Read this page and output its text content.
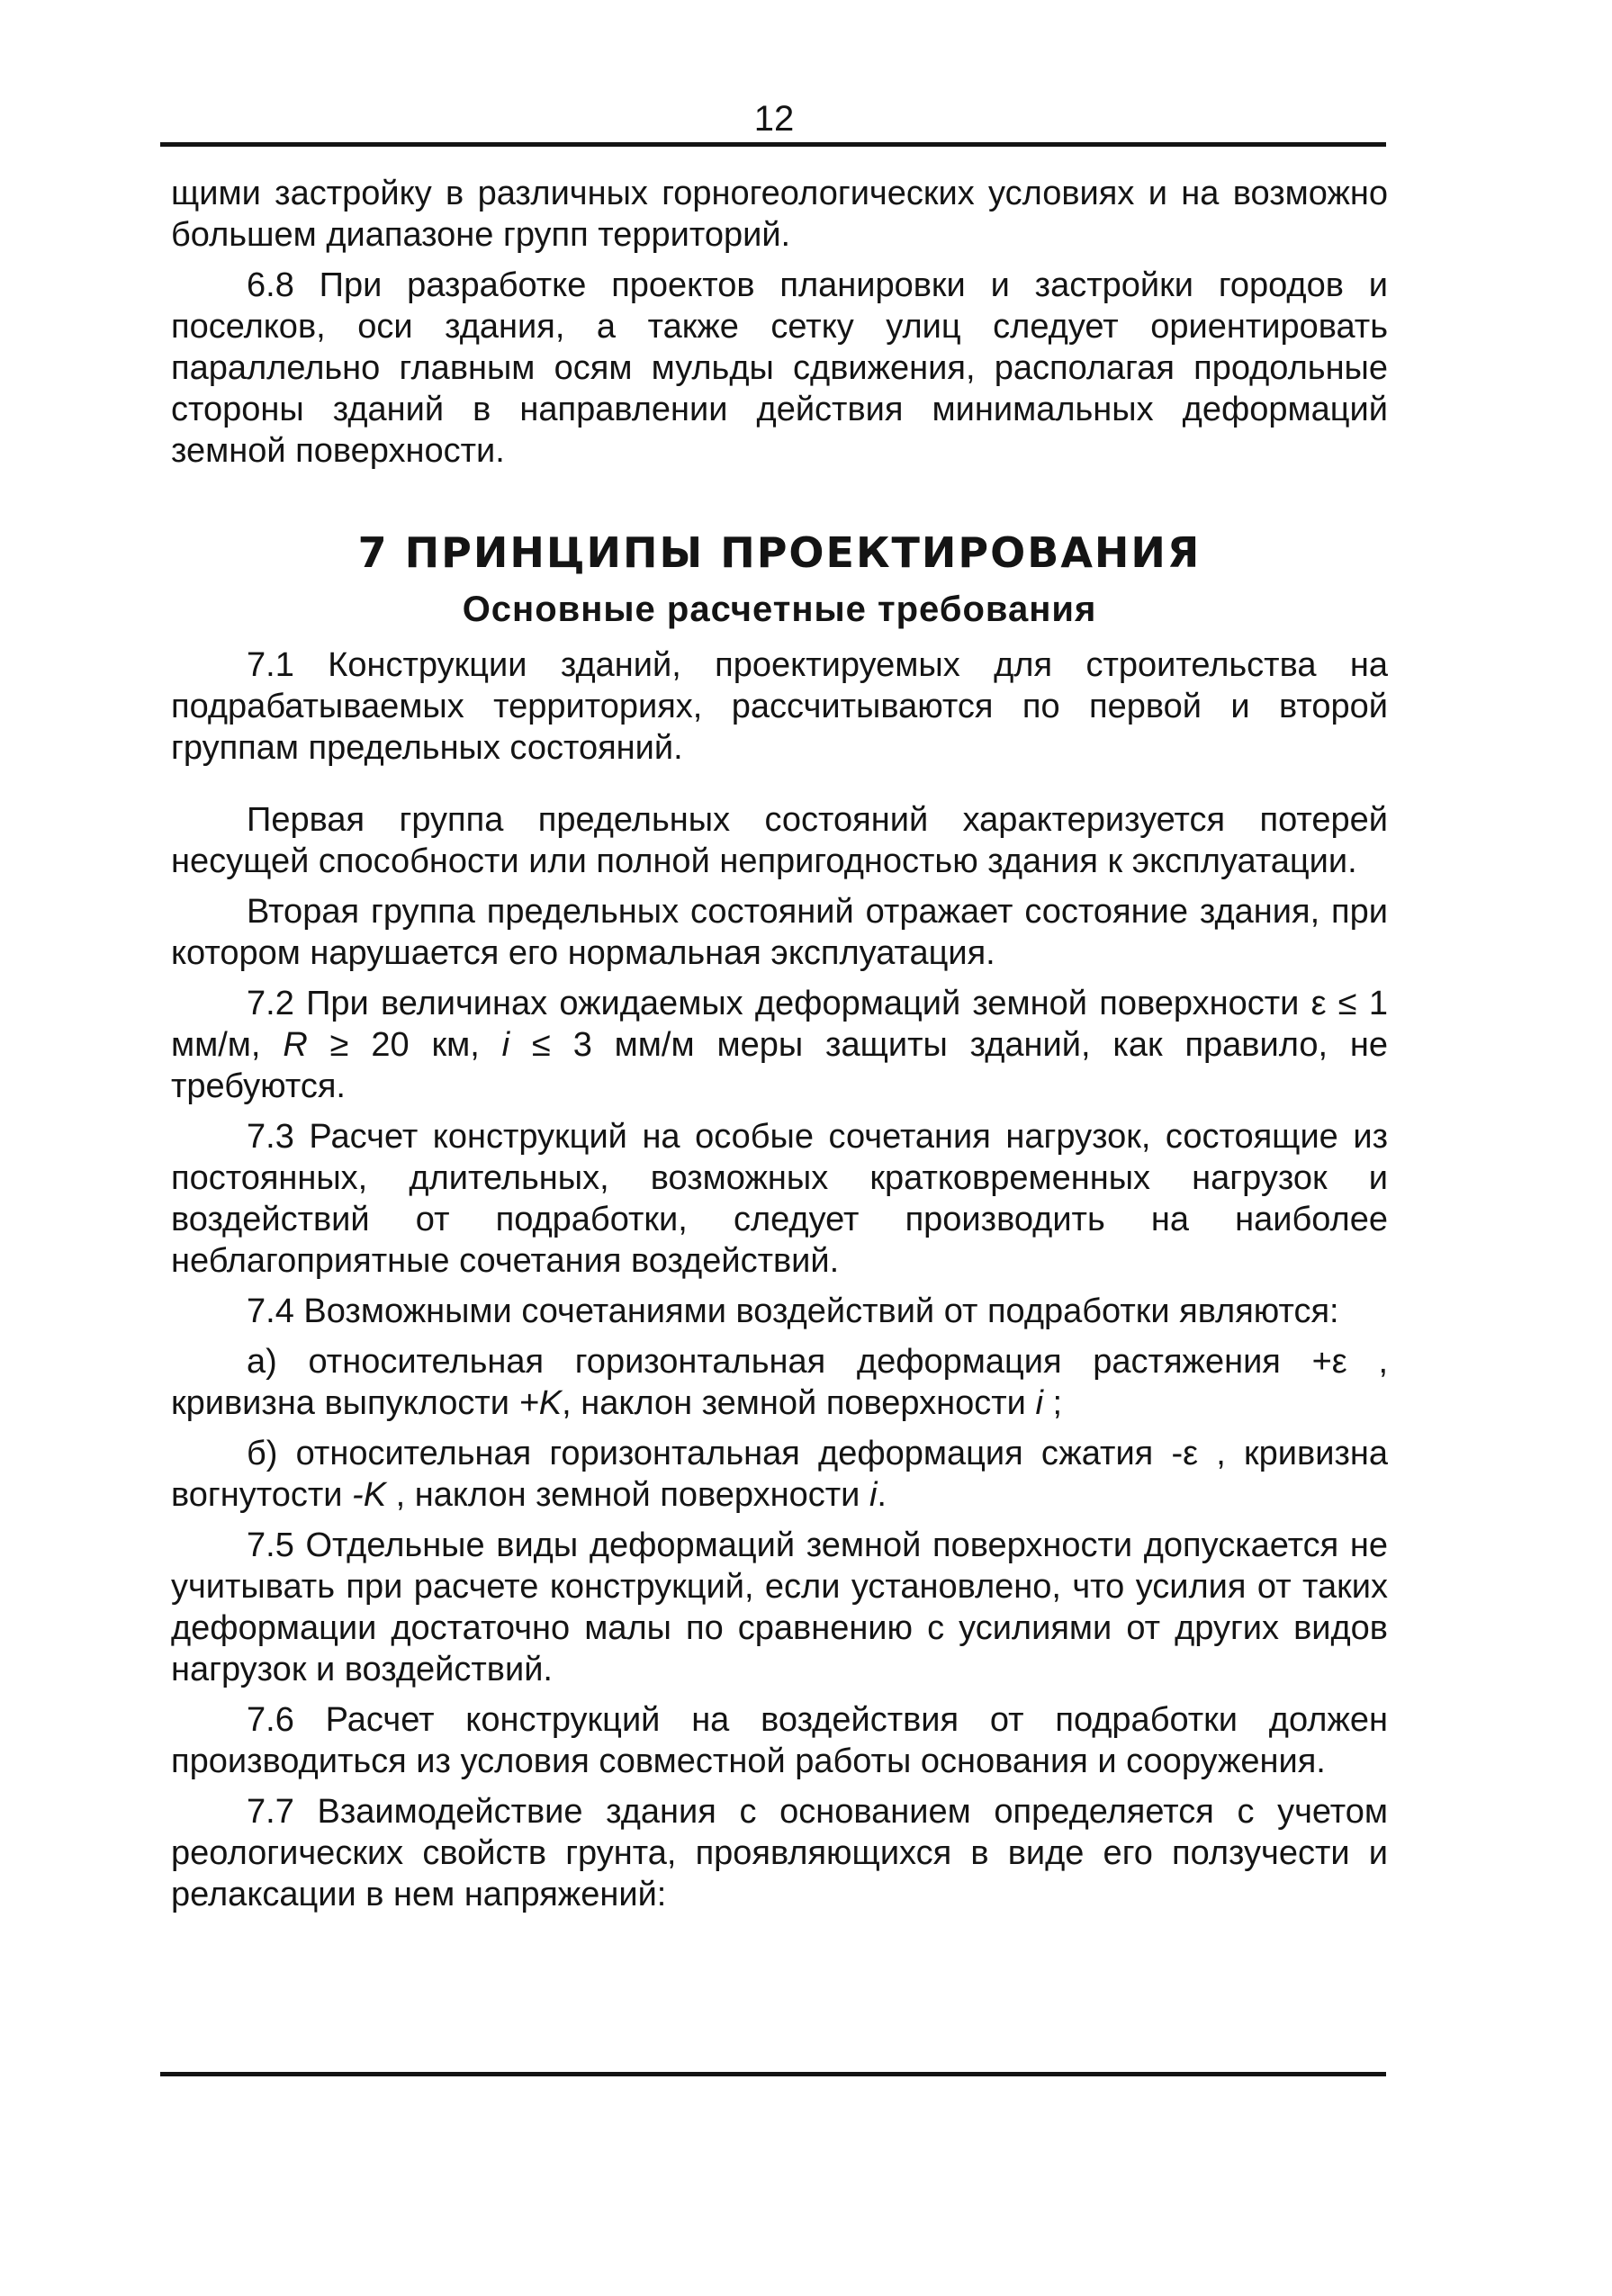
12

щими застройку в различных горногеологических условиях и на возможно большем диапазоне групп территорий.

6.8 При разработке проектов планировки и застройки городов и поселков, оси здания, а также сетку улиц следует ориентировать параллельно главным осям мульды сдвижения, располагая продольные стороны зданий в направлении действия минимальных деформаций земной поверхности.

7 ПРИНЦИПЫ ПРОЕКТИРОВАНИЯ
Основные расчетные требования

7.1 Конструкции зданий, проектируемых для строительства на подрабатываемых территориях, рассчитываются по первой и второй группам предельных состояний.

Первая группа предельных состояний характеризуется потерей несущей способности или полной непригодностью здания к эксплуатации.

Вторая группа предельных состояний отражает состояние здания, при котором нарушается его нормальная эксплуатация.

7.2 При величинах ожидаемых деформаций земной поверхности ε ≤ 1 мм/м, R ≥ 20 км, i ≤ 3 мм/м меры защиты зданий, как правило, не требуются.

7.3 Расчет конструкций на особые сочетания нагрузок, состоящие из постоянных, длительных, возможных кратковременных нагрузок и воздействий от подработки, следует производить на наиболее неблагоприятные сочетания воздействий.

7.4 Возможными сочетаниями воздействий от подработки являются:

а) относительная горизонтальная деформация растяжения +ε , кривизна выпуклости +K, наклон земной поверхности i ;

б) относительная горизонтальная деформация сжатия -ε , кривизна вогнутости -K , наклон земной поверхности i.

7.5 Отдельные виды деформаций земной поверхности допускается не учитывать при расчете конструкций, если установлено, что усилия от таких деформации достаточно малы по сравнению с усилиями от других видов нагрузок и воздействий.

7.6 Расчет конструкций на воздействия от подработки должен производиться из условия совместной работы основания и сооружения.

7.7 Взаимодействие здания с основанием определяется с учетом реологических свойств грунта, проявляющихся в виде его ползучести и релаксации в нем напряжений:
